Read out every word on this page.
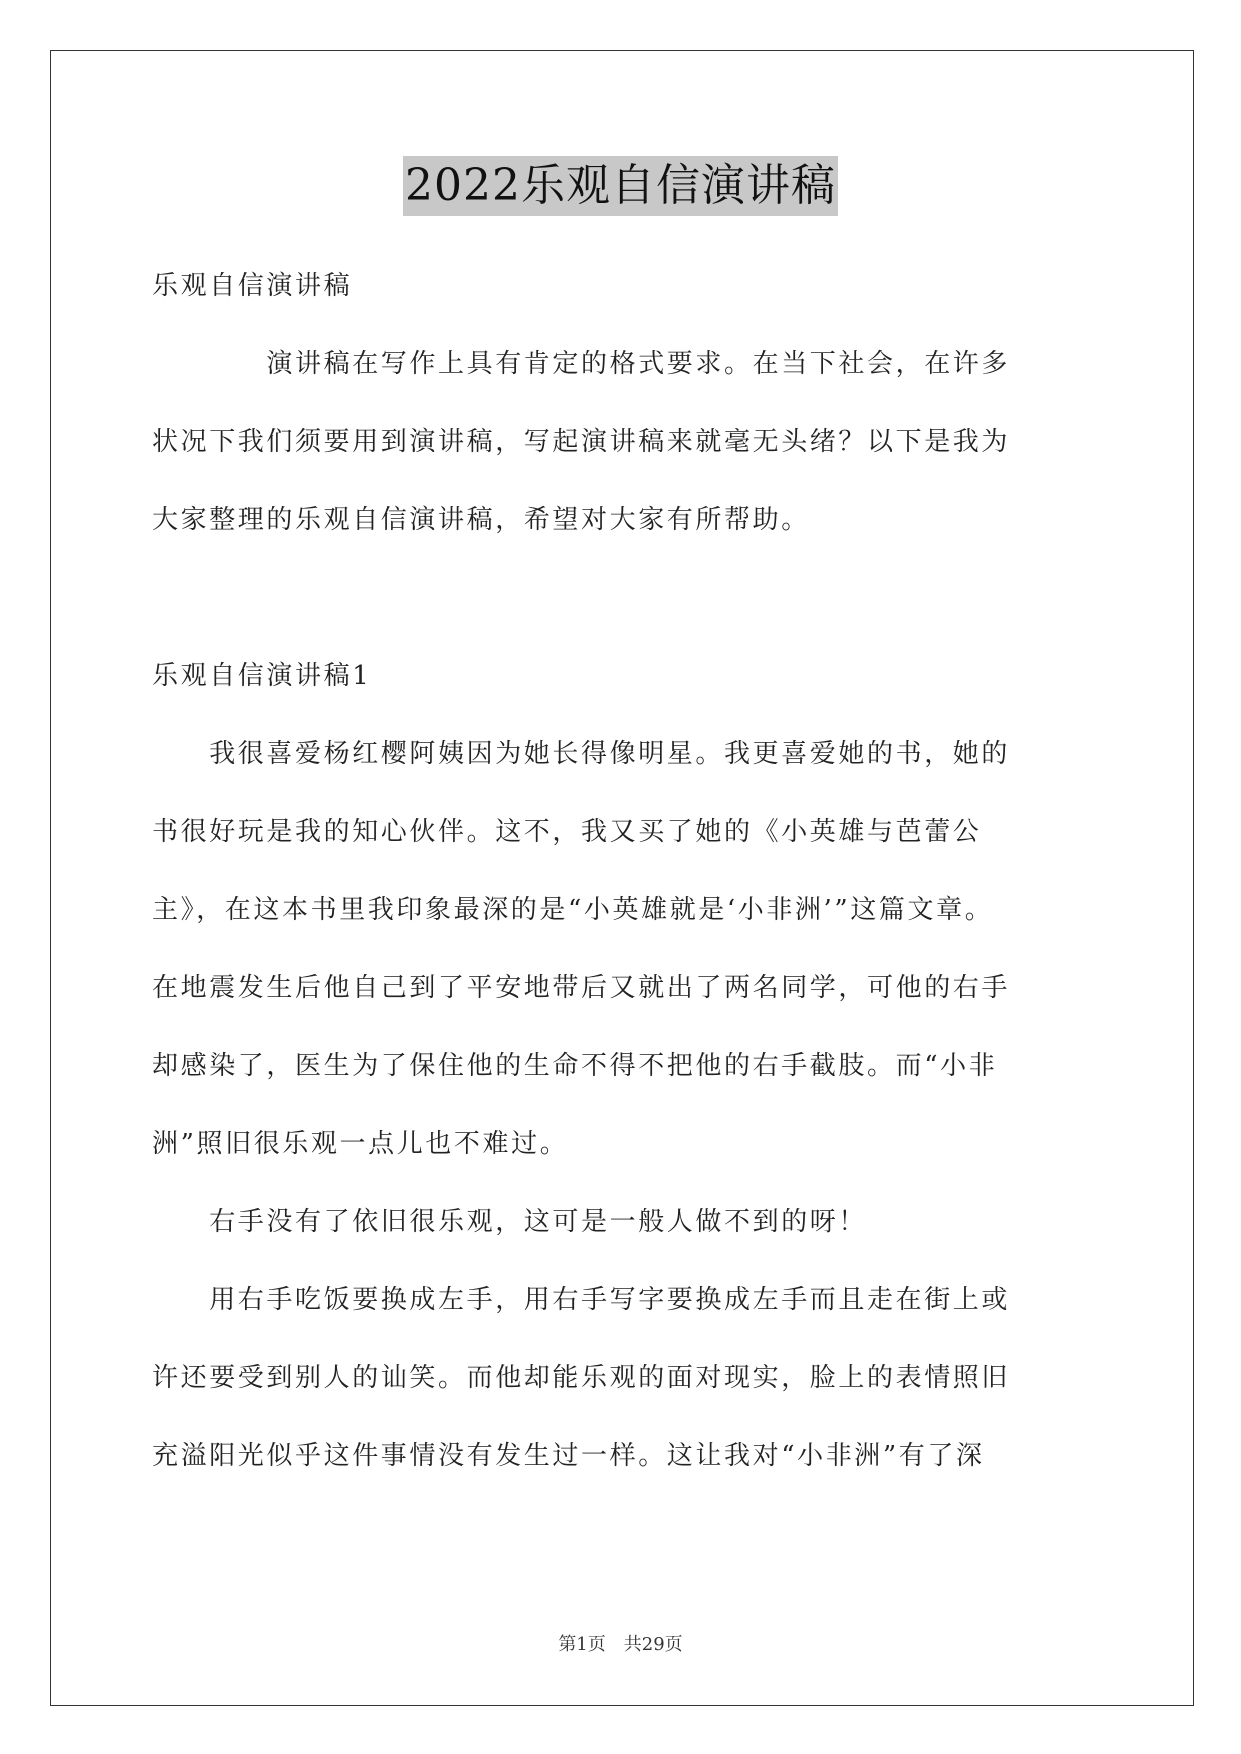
2022乐观自信演讲稿
乐观自信演讲稿
　　　　演讲稿在写作上具有肯定的格式要求。在当下社会，在许多
状况下我们须要用到演讲稿，写起演讲稿来就毫无头绪？以下是我为
大家整理的乐观自信演讲稿，希望对大家有所帮助。
乐观自信演讲稿1
　　我很喜爱杨红樱阿姨因为她长得像明星。我更喜爱她的书，她的
书很好玩是我的知心伙伴。这不，我又买了她的《小英雄与芭蕾公
主》，在这本书里我印象最深的是“小英雄就是‘小非洲’”这篇文章。
在地震发生后他自己到了平安地带后又就出了两名同学，可他的右手
却感染了，医生为了保住他的生命不得不把他的右手截肢。而“小非
洲”照旧很乐观一点儿也不难过。
　　右手没有了依旧很乐观，这可是一般人做不到的呀！
　　用右手吃饭要换成左手，用右手写字要换成左手而且走在街上或
许还要受到别人的讪笑。而他却能乐观的面对现实，脸上的表情照旧
充溢阳光似乎这件事情没有发生过一样。这让我对“小非洲”有了深
第1页　共29页
